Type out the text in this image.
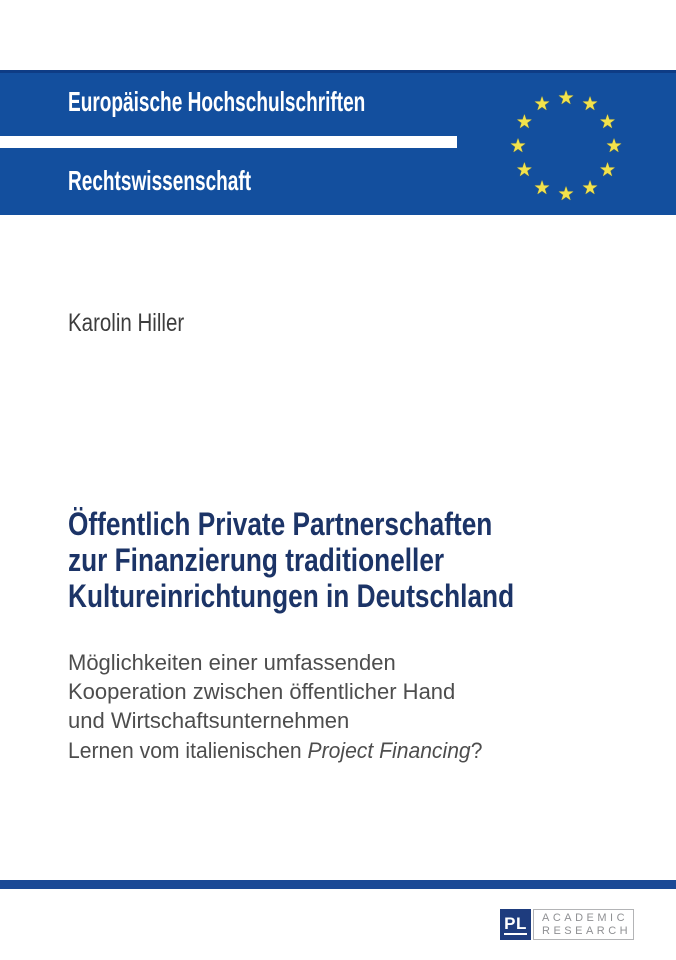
Europäische Hochschulschriften
Rechtswissenschaft
★ ★
★
★
★
★
★
★
★
★
★
★
Karolin Hiller
Öffentlich Private Partnerschaften
zur Finanzierung traditioneller
Kultureinrichtungen in Deutschland
Möglichkeiten einer umfassenden
Kooperation zwischen öffentlicher Hand
und Wirtschaftsunternehmen
Lernen vom italienischen Project Financing?
PL ACADEMIC
RESEARCH
